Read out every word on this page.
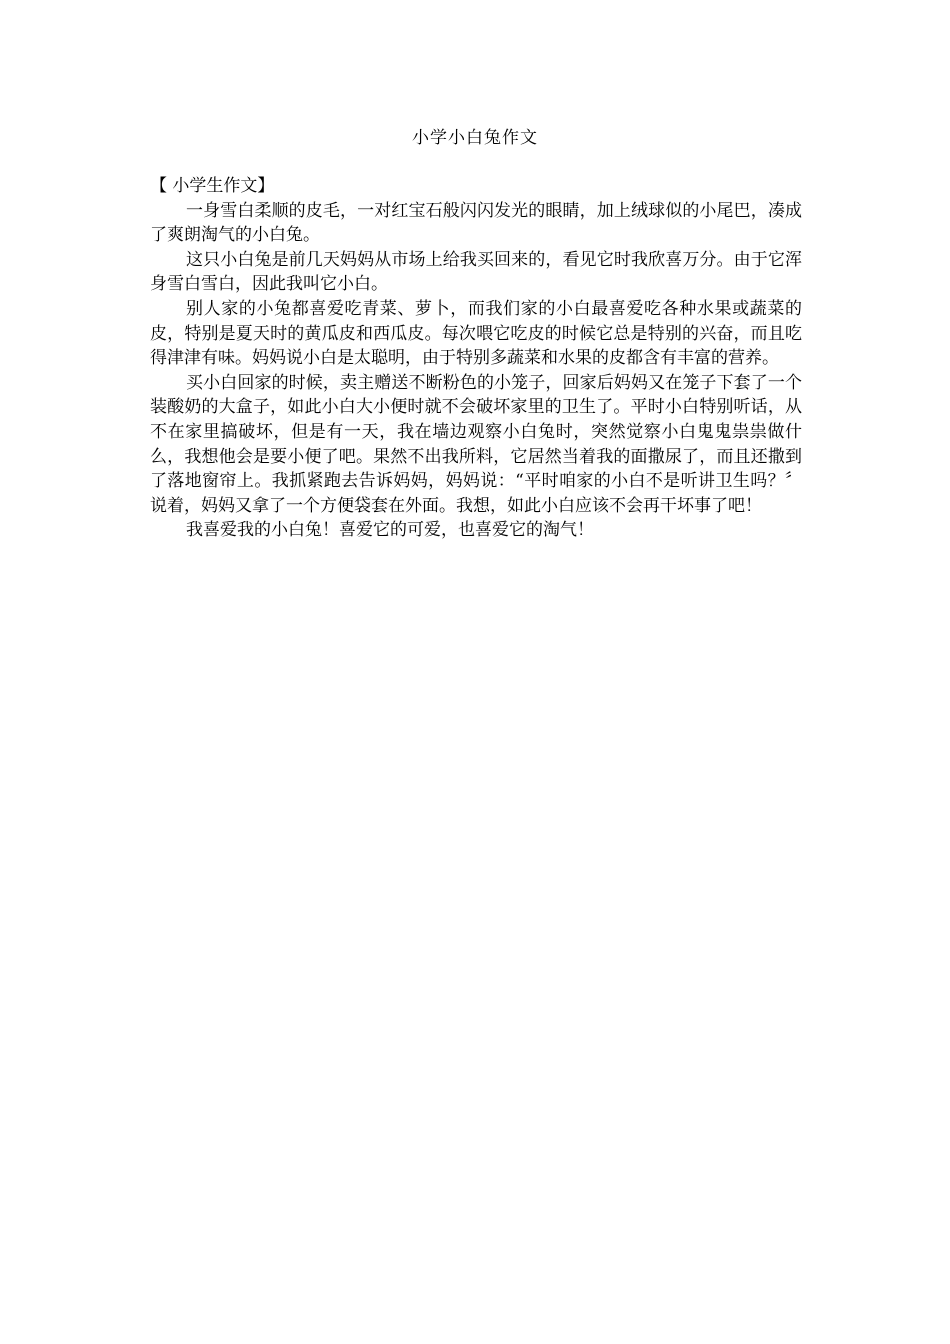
小学小白兔作文

【 小学生作文】

一身雪白柔顺的皮毛，一对红宝石般闪闪发光的眼睛，加上绒球似的小尾巴，凑成了爽朗淘气的小白兔。

这只小白兔是前几天妈妈从市场上给我买回来的，看见它时我欣喜万分。由于它浑身雪白雪白，因此我叫它小白。

别人家的小兔都喜爱吃青菜、萝卜，而我们家的小白最喜爱吃各种水果或蔬菜的皮，特别是夏天时的黄瓜皮和西瓜皮。每次喂它吃皮的时候它总是特别的兴奋，而且吃得津津有味。妈妈说小白是太聪明，由于特别多蔬菜和水果的皮都含有丰富的营养。

买小白回家的时候，卖主赠送不断粉色的小笼子，回家后妈妈又在笼子下套了一个装酸奶的大盒子，如此小白大小便时就不会破坏家里的卫生了。平时小白特别听话，从不在家里搞破坏，但是有一天，我在墙边观察小白兔时，突然觉察小白鬼鬼祟祟做什么，我想他会是要小便了吧。果然不出我所料，它居然当着我的面撒尿了，而且还撒到了落地窗帘上。我抓紧跑去告诉妈妈，妈妈说：“平时咱家的小白不是听讲卫生吗？〞说着，妈妈又拿了一个方便袋套在外面。我想，如此小白应该不会再干坏事了吧！

我喜爱我的小白兔！喜爱它的可爱，也喜爱它的淘气！
